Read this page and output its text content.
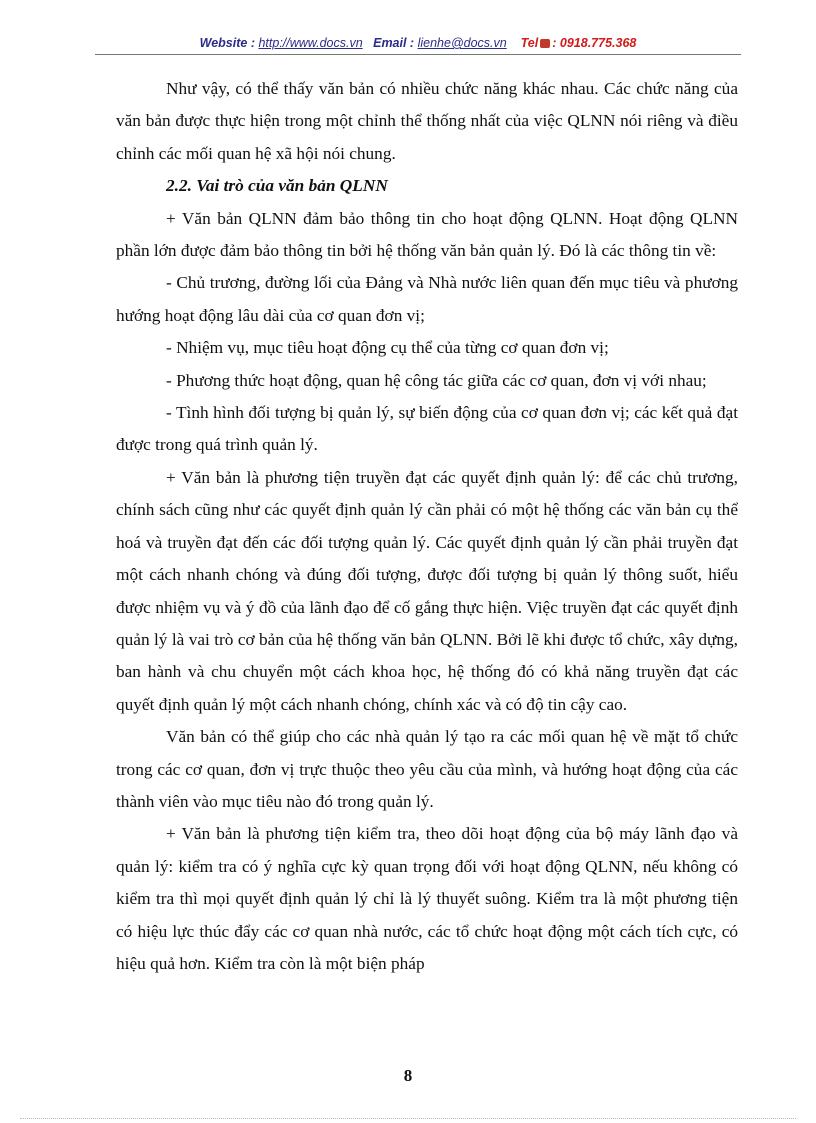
Website : http://www.docs.vn Email : lienhe@docs.vn Tel : 0918.775.368

Như vậy, có thể thấy văn bản có nhiều chức năng khác nhau. Các chức năng của văn bản được thực hiện trong một chỉnh thể thống nhất của việc QLNN nói riêng và điều chỉnh các mối quan hệ xã hội nói chung.

2.2. Vai trò của văn bản QLNN

+ Văn bản QLNN đảm bảo thông tin cho hoạt động QLNN. Hoạt động QLNN phần lớn được đảm bảo thông tin bởi hệ thống văn bản quản lý. Đó là các thông tin về:

- Chủ trương, đường lối của Đảng và Nhà nước liên quan đến mục tiêu và phương hướng hoạt động lâu dài của cơ quan đơn vị;

- Nhiệm vụ, mục tiêu hoạt động cụ thể của từng cơ quan đơn vị;

- Phương thức hoạt động, quan hệ công tác giữa các cơ quan, đơn vị với nhau;

- Tình hình đối tượng bị quản lý, sự biến động của cơ quan đơn vị; các kết quả đạt được trong quá trình quản lý.

+ Văn bản là phương tiện truyền đạt các quyết định quản lý: để các chủ trương, chính sách cũng như các quyết định quản lý cần phải có một hệ thống các văn bản cụ thể hoá và truyền đạt đến các đối tượng quản lý. Các quyết định quản lý cần phải truyền đạt một cách nhanh chóng và đúng đối tượng, được đối tượng bị quản lý thông suốt, hiểu được nhiệm vụ và ý đồ của lãnh đạo để cố gắng thực hiện. Việc truyền đạt các quyết định quản lý là vai trò cơ bản của hệ thống văn bản QLNN. Bởi lẽ khi được tổ chức, xây dựng, ban hành và chu chuyển một cách khoa học, hệ thống đó có khả năng truyền đạt các quyết định quản lý một cách nhanh chóng, chính xác và có độ tin cậy cao.

Văn bản có thể giúp cho các nhà quản lý tạo ra các mối quan hệ về mặt tổ chức trong các cơ quan, đơn vị trực thuộc theo yêu cầu của mình, và hướng hoạt động của các thành viên vào mục tiêu nào đó trong quản lý.

+ Văn bản là phương tiện kiểm tra, theo dõi hoạt động của bộ máy lãnh đạo và quản lý: kiểm tra có ý nghĩa cực kỳ quan trọng đối với hoạt động QLNN, nếu không có kiểm tra thì mọi quyết định quản lý chỉ là lý thuyết suông. Kiểm tra là một phương tiện có hiệu lực thúc đẩy các cơ quan nhà nước, các tổ chức hoạt động một cách tích cực, có hiệu quả hơn. Kiểm tra còn là một biện pháp

8
